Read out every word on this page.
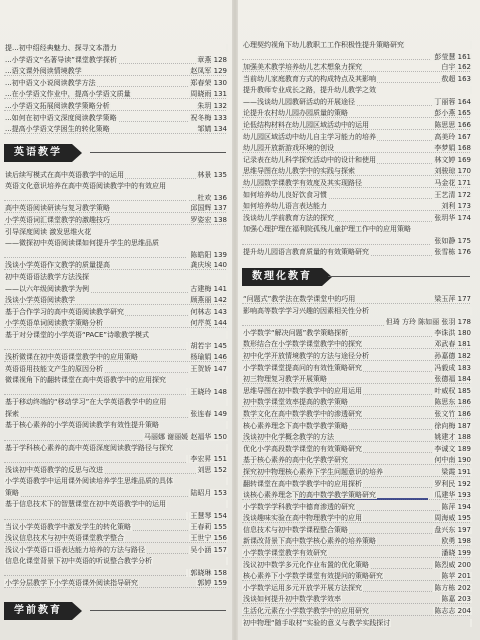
提...初中绍经典魅力、探寻文本潜力
...小学语文“名著导读”课堂教学探析	章燕 128
...语文课外阅读情境教学	赵凤军 129
...初中语文小说阅读教学方法	郑春荣 130
...在小学语文作业中，提高小学语文质量	周晓雨 131
...小学语文拓展阅读教学策略分析	朱玥 132
...如何在初中语文深度阅读教学策略	祝冬梅 133
...提高小学语文学困生的转化策略	邹婧 134
英语教学
读后续写模式在高中英语教学中的运用	林景 135
英语文化意识培养在高中英语阅读教学中的有效应用
杜欢 136
高中英语阅读研读与复习教学策略	邱国辉 137
小学英语词汇课堂教学的激趣技巧	罗姿宏 138
引导深度阅读 激发思维火花
——微探初中英语阅读课如何提升学生的思维品质
陈皓阳 139
浅谈小学英语作文教学的质量提高	龚庆埃 140
初中英语语法教学方法浅探
——以六年级阅读教学为例	古建梅 141
浅谈小学英语阅读教学	顾燕丽 142
基于合作学习的高中英语阅读教学研究	何林志 143
小学英语单词阅读教学策略分析	何芹英 144
基于对分课堂的小学英语“PACE”诗歌教学模式
胡若宇 145
浅析微课在初中英语课堂教学中的应用策略	杨瑜娟 146
英语语用技能文产生的原因分析	王贺娇 147
微课视角下的翻转课堂在高中英语教学中的应用探究
王晓玲 148
基于移动终端的“移动学习”在大学英语教学中的应用
探索	张连春 149
基于核心素养的小学英语阅读教学有效性提升策略
马丽娜 谢丽媛 赵福华 150
基于学科核心素养的高中英语深度阅读教学路径与探究
李宏昇 151
浅谈初中英语教学的反思与改进	刘思 152
小学英语教学中运用课外阅读培养学生思维品质的具体
策略	陆昭月 153
基于信息技术下的智慧课堂在初中英语教学中的运用
王慧琴 154
当议小学英语教学中激发学生的转化策略	王春莉 155
浅议信息技术与初中英语课堂教学整合	王世宁 156
浅议小学英语口语表达能力培养的方法与路径	吴小涵 157
信息化课堂背景下初中英语的听说整合教学分析
郭晓琳 158
小学分层教学下小学英语课外阅读指导研究	郭婷 159
学前教育
心理契约视角下幼儿教职工工作积极性提升策略研究
彭莹慧 161
加强美术教学培养幼儿艺术想象力探究	白宇 162
当前幼儿家庭教育方式的构成特点及其影响	敖超 163
提升教师专业成长之路，提升幼儿教学之效
——浅谈幼儿园教研活动的开展途径	丁丽蓉 164
论提升农村幼儿园办园质量的策略	彭小燕 165
论低结构材料在幼儿园区域活动中的运用	陈思思 166
幼儿园区域活动中幼儿自主学习能力的培养	高美玲 167
幼儿园开放新游戏环境的创设	李梦娟 168
记录表在幼儿科学探究活动中的设计和使用	林文婷 169
思维导图在幼儿教学中的实践与探索	刘骏琼 170
幼儿园数学课教学有效度及其实现路径	马金花 171
如何培养幼儿良好饮食习惯	王艺清 172
如何培养幼儿语言表达能力	刘利 173
浅谈幼儿学前教育方法的探究	张玥华 174
加强心理护理在福利院孤残儿童护理工作中的应用策略
张如静 175
提升幼儿园语言教育质量的有效策略研究	张雪栋 176
数理化教育
“问题式”教学法在数学课堂中的巧用	梁玉萍 177
影响高等数学学习兴趣的因素相关性分析
但琦 方玲 陈如丽 张羽 178
小学数学“解决问题”教学策略探析	李诛洪 180
数形结合在小学数学课堂教学中的探究	邓武春 181
初中化学开放情境教学的方法与途径分析	孙嘉德 182
小学数学课堂提高问的有效性策略研究	冯毅成 183
初三物理复习教学开展策略	张德福 184
思维导图在初中数学教学中的应用运用	叶威权 185
初中数学课堂效率提高的教学策略	陈思东 186
数学文化在高中数学教学中的渗透研究	张文竹 186
核心素养理念下高中数学教学策略	徐向梅 187
浅谈初中化学概念教学的方法	姚建才 188
优化小学高段数学课堂的有效策略研究	李诚文 189
基于核心素养的高中化学教学研究	何中南 190
探究初中物理核心素养下学生问题意识的培养	梁霞 191
翻转课堂在高中数学教学中的应用探析	罗利民 192
谈核心素养理念下的高中数学教学策略研究	瓜建华 193
小学数学学科教学中德育渗透的研究	陈萍 194
浅谈趣味实验在高中物理教学中的应用	周海威 195
信息技术与初中数学课程整合策略	盘兴东 197
新课改背景下高中数学核心素养的培养策略	欧勇 198
小学数学课堂教学有效研究	潘晓 199
浅议初中数学多元化作业布置的优化策略	陈烈威 200
核心素养下小学数学课堂有效提问的策略研究	陈苹 201
小学数学运用多元开放学开展方法探究	陈方栋 202
浅谈如何提升初中数学教学效率	陈嘉 203
生活化元素在小学数学教学中的应用研究	陈志志 204
初中物理“随手取材”实验的意义与教学实践探讨
